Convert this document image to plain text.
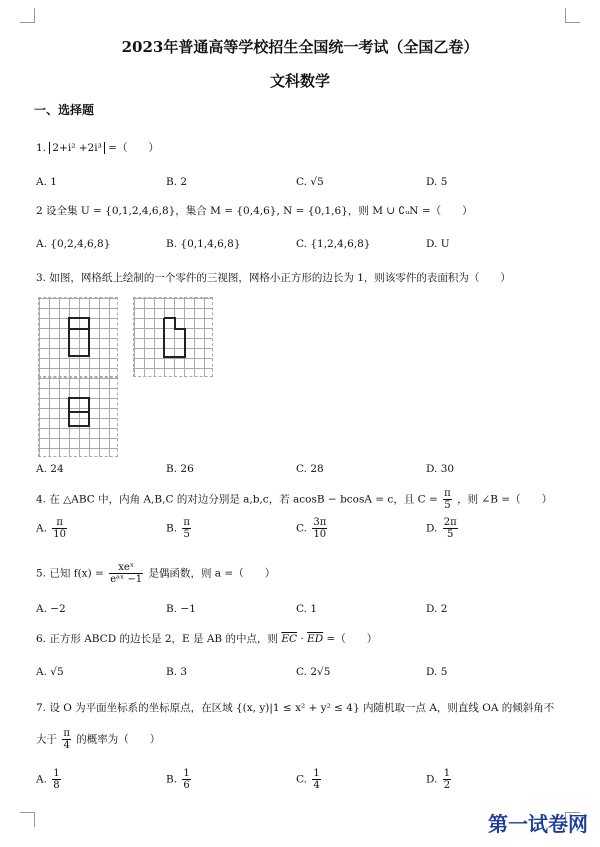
2023年普通高等学校招生全国统一考试（全国乙卷）
文科数学
一、选择题
1. 2+i² +2i³ =（　　）
A. 1	B. 2	C. √5	D. 5
2 设全集 U = {0,1,2,4,6,8}，集合 M = {0,4,6}, N = {0,1,6}，则 M ∪ ∁ᵤN =（　　）
A. {0,2,4,6,8}	B. {0,1,4,6,8}	C. {1,2,4,6,8}	D. U
3. 如图，网格纸上绘制的一个零件的三视图，网格小正方形的边长为 1，则该零件的表面积为（　　）
A. 24	B. 26	C. 28	D. 30
4. 在 △ABC 中，内角 A,B,C 的对边分别是 a,b,c，若 acosB − bcosA = c，且 $C = \frac{\pi}{5}$ ，则 ∠B =（　　）
A. $\frac{\pi}{10}$	B. $\frac{\pi}{5}$	C. $\frac{3\pi}{10}$	D. $\frac{2\pi}{5}$
5. 已知 $f(x) = \frac{\text{xeˣ}}{\text{eᵃˣ −1}}$ 是偶函数，则 a =（　　）
A. −2	B. −1	C. 1	D. 2
6. 正方形 ABCD 的边长是 2，E 是 AB 的中点，则 $\overline{EC} \cdot \overline{ED}$ =（　　）
A. √5	B. 3	C. 2√5	D. 5
7. 设 O 为平面坐标系的坐标原点，在区域 {(x, y)|1 ≤ x² + y² ≤ 4} 内随机取一点 A，则直线 OA 的倾斜角不
大于 $\frac{\pi}{4}$ 的概率为（　　）
A. $\frac{1}{8}$	B. $\frac{1}{6}$	C. $\frac{1}{4}$	D. $\frac{1}{2}$
第一试卷网
